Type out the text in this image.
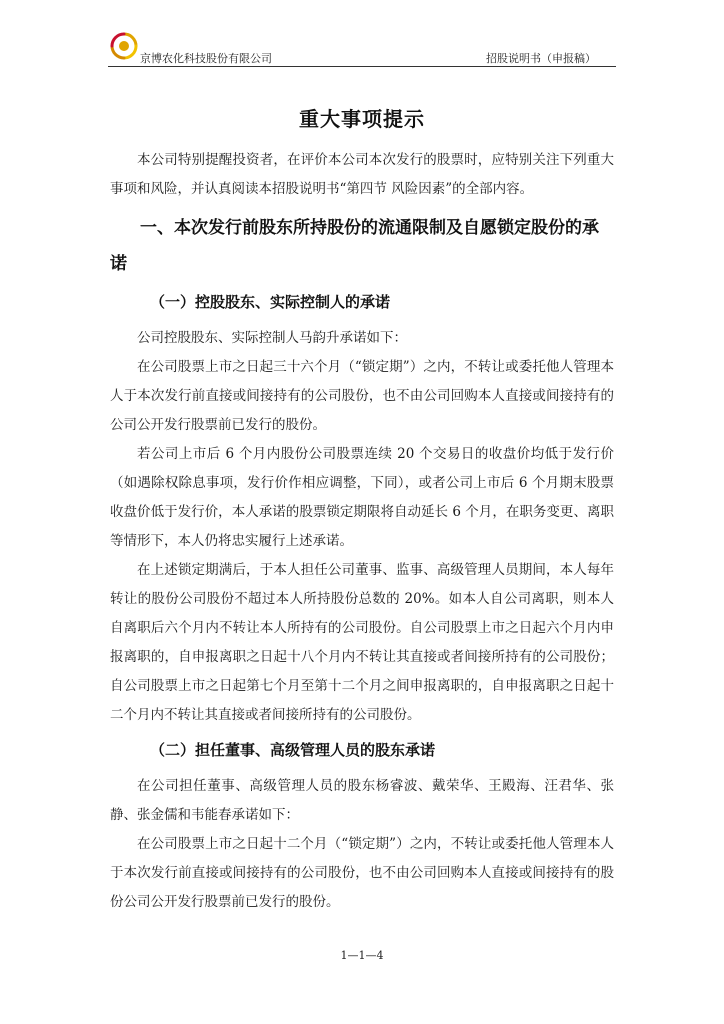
京博农化科技股份有限公司	招股说明书（申报稿）
重大事项提示

本公司特别提醒投资者，在评价本公司本次发行的股票时，应特别关注下列重大事项和风险，并认真阅读本招股说明书“第四节 风险因素”的全部内容。

一、本次发行前股东所持股份的流通限制及自愿锁定股份的承诺
（一）控股股东、实际控制人的承诺

公司控股股东、实际控制人马韵升承诺如下：

在公司股票上市之日起三十六个月（“锁定期”）之内，不转让或委托他人管理本人于本次发行前直接或间接持有的公司股份，也不由公司回购本人直接或间接持有的公司公开发行股票前已发行的股份。

若公司上市后 6 个月内股份公司股票连续 20 个交易日的收盘价均低于发行价（如遇除权除息事项，发行价作相应调整，下同），或者公司上市后 6 个月期末股票收盘价低于发行价，本人承诺的股票锁定期限将自动延长 6 个月，在职务变更、离职等情形下，本人仍将忠实履行上述承诺。

在上述锁定期满后，于本人担任公司董事、监事、高级管理人员期间，本人每年转让的股份公司股份不超过本人所持股份总数的 20%。如本人自公司离职，则本人自离职后六个月内不转让本人所持有的公司股份。自公司股票上市之日起六个月内申报离职的，自申报离职之日起十八个月内不转让其直接或者间接所持有的公司股份；自公司股票上市之日起第七个月至第十二个月之间申报离职的，自申报离职之日起十二个月内不转让其直接或者间接所持有的公司股份。

（二）担任董事、高级管理人员的股东承诺

在公司担任董事、高级管理人员的股东杨睿波、戴荣华、王殿海、汪君华、张静、张金儒和韦能春承诺如下：

在公司股票上市之日起十二个月（“锁定期”）之内，不转让或委托他人管理本人于本次发行前直接或间接持有的公司股份，也不由公司回购本人直接或间接持有的股份公司公开发行股票前已发行的股份。

1—1—4
